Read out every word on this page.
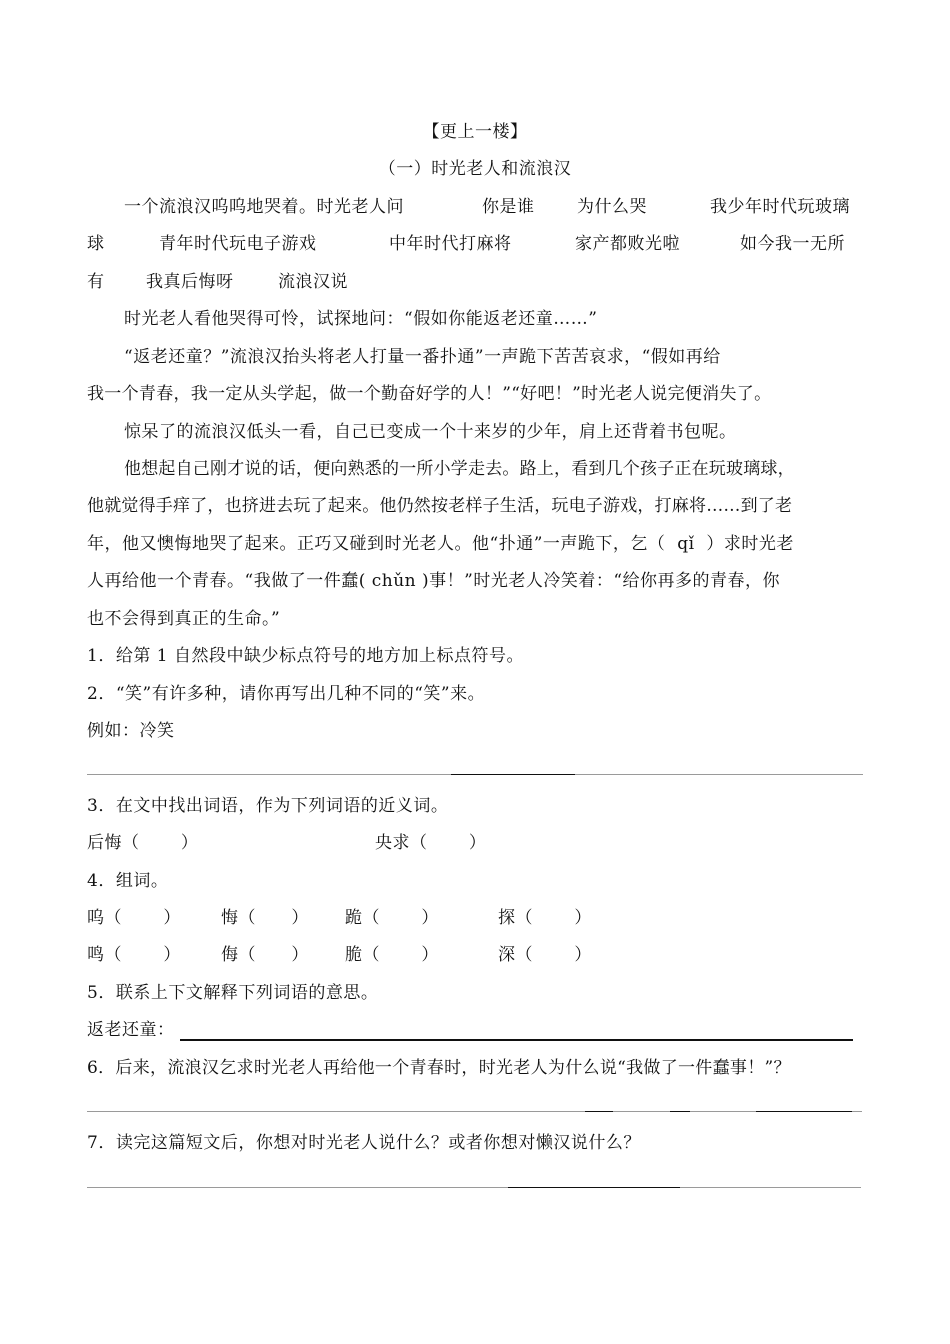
【更上一楼】
（一）时光老人和流浪汉
一个流浪汉呜呜地哭着。时光老人问	你是谁	为什么哭	我少年时代玩玻璃
球	青年时代玩电子游戏	中年时代打麻将	家产都败光啦	如今我一无所
有 我真后悔呀	流浪汉说
时光老人看他哭得可怜，试探地问：“假如你能返老还童……”
“返老还童？”流浪汉抬头将老人打量一番扑通”一声跪下苦苦哀求，“假如再给
我一个青春，我一定从头学起，做一个勤奋好学的人！”“好吧！”时光老人说完便消失了。
惊呆了的流浪汉低头一看，自己已变成一个十来岁的少年，肩上还背着书包呢。
他想起自己刚才说的话，便向熟悉的一所小学走去。路上，看到几个孩子正在玩玻璃球，
他就觉得手痒了，也挤进去玩了起来。他仍然按老样子生活，玩电子游戏，打麻将……到了老
年，他又懊悔地哭了起来。正巧又碰到时光老人。他“扑通”一声跪下，乞（  qǐ  ）求时光老
人再给他一个青春。“我做了一件蠢( chǔn )事！”时光老人冷笑着：“给你再多的青春，你
也不会得到真正的生命。”
1．给第 1 自然段中缺少标点符号的地方加上标点符号。
2．“笑”有许多种，请你再写出几种不同的“笑”来。
例如：冷笑
3．在文中找出词语，作为下列词语的近义词。
后悔（       ）	央求（       ）
4．组词。
呜（       ） 悔（      ） 跪（       ）	探（       ）
鸣（       ） 侮（      ） 脆（       ）	深（       ）
5．联系上下文解释下列词语的意思。
返老还童：
6．后来，流浪汉乞求时光老人再给他一个青春时，时光老人为什么说“我做了一件蠢事！”？
7．读完这篇短文后，你想对时光老人说什么？或者你想对懒汉说什么？
